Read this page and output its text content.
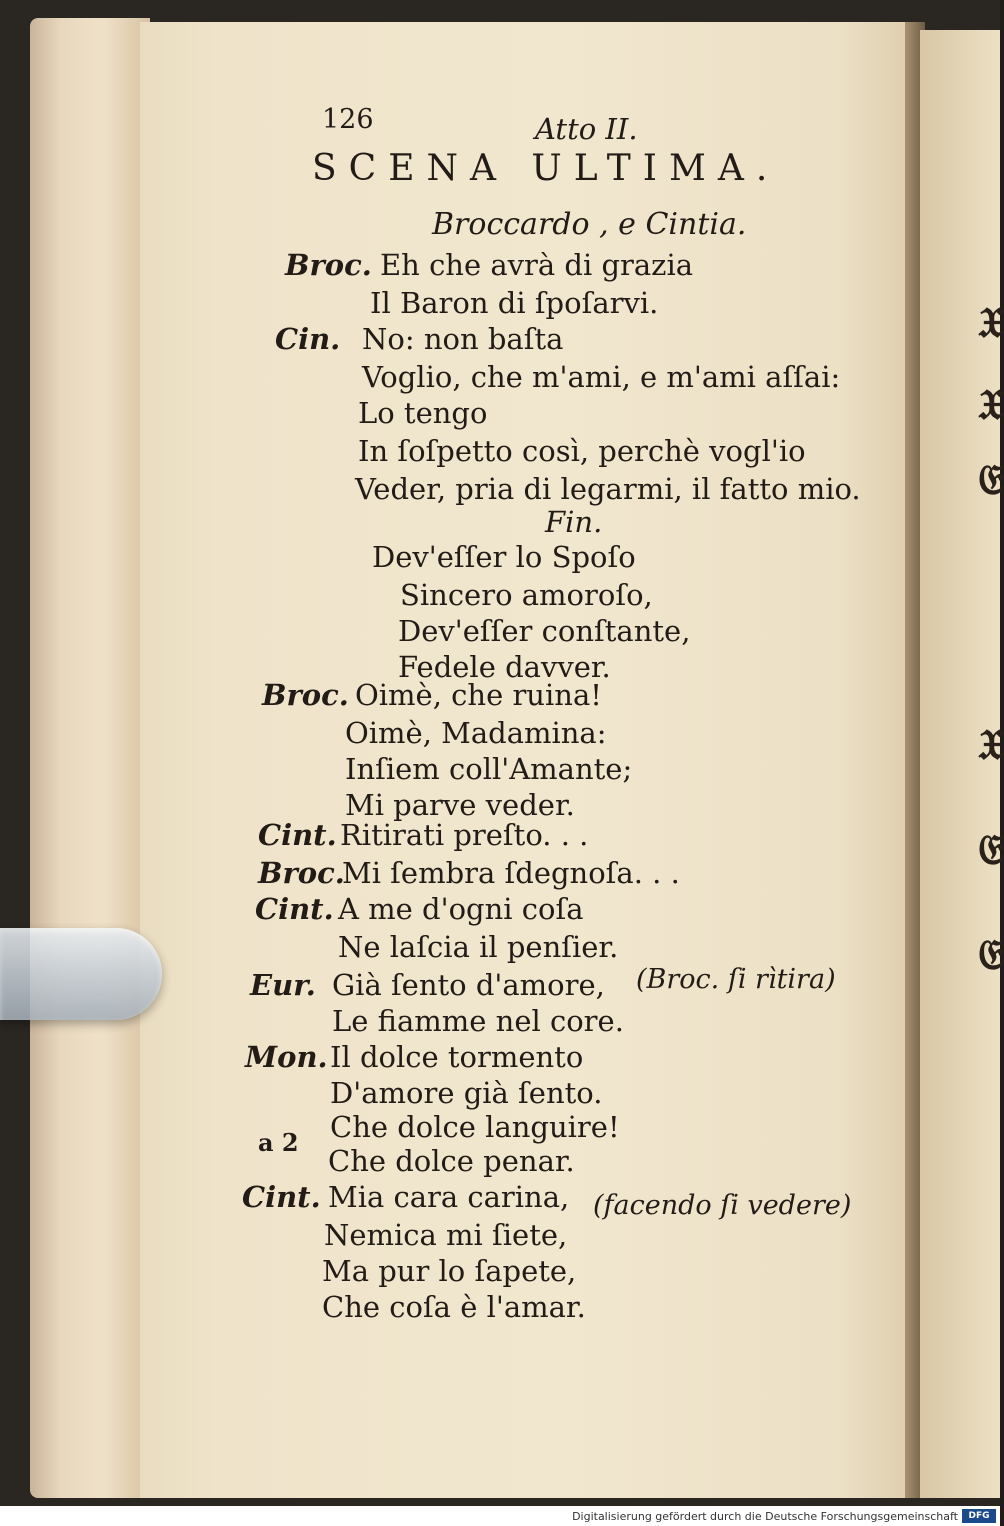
𝔛
𝔛
𝔈
𝔛
𝔈
𝔈
126	Atto II.
SCENA ULTIMA.
Broccardo , e Cintia.
Broc. Eh che avrà di grazia
Il Baron di ſpoſarvi.
Cin. No: non baſta
Voglio, che m'ami, e m'ami aſſai:
Lo tengo
In ſoſpetto così, perchè vogl'io
Veder, pria di legarmi, il fatto mio.
Fin.
Dev'eſſer lo Spoſo
Sincero amoroſo,
Dev'eſſer conſtante,
Fedele davver.
Broc. Oimè, che ruina!
Oimè, Madamina:
Inſiem coll'Amante;
Mi parve veder.
Cint. Ritirati preſto. . .
Broc.
Mi ſembra ſdegnoſa. . .
Cint. A me d'ogni coſa
Ne laſcia il penſier.
Eur. Già ſento d'amore,
Le fiamme nel core.
Mon. Il dolce tormento
D'amore già ſento.
Che dolce languire!
a 2
Che dolce penar.
Cint. Mia cara carina,
Nemica mi ſiete,
Ma pur lo ſapete,
Che coſa è l'amar.
(Broc. ſi rìtira)
(facendo ſi vedere)
Digitalisierung gefördert durch die Deutsche Forschungsgemeinschaft	DFG
